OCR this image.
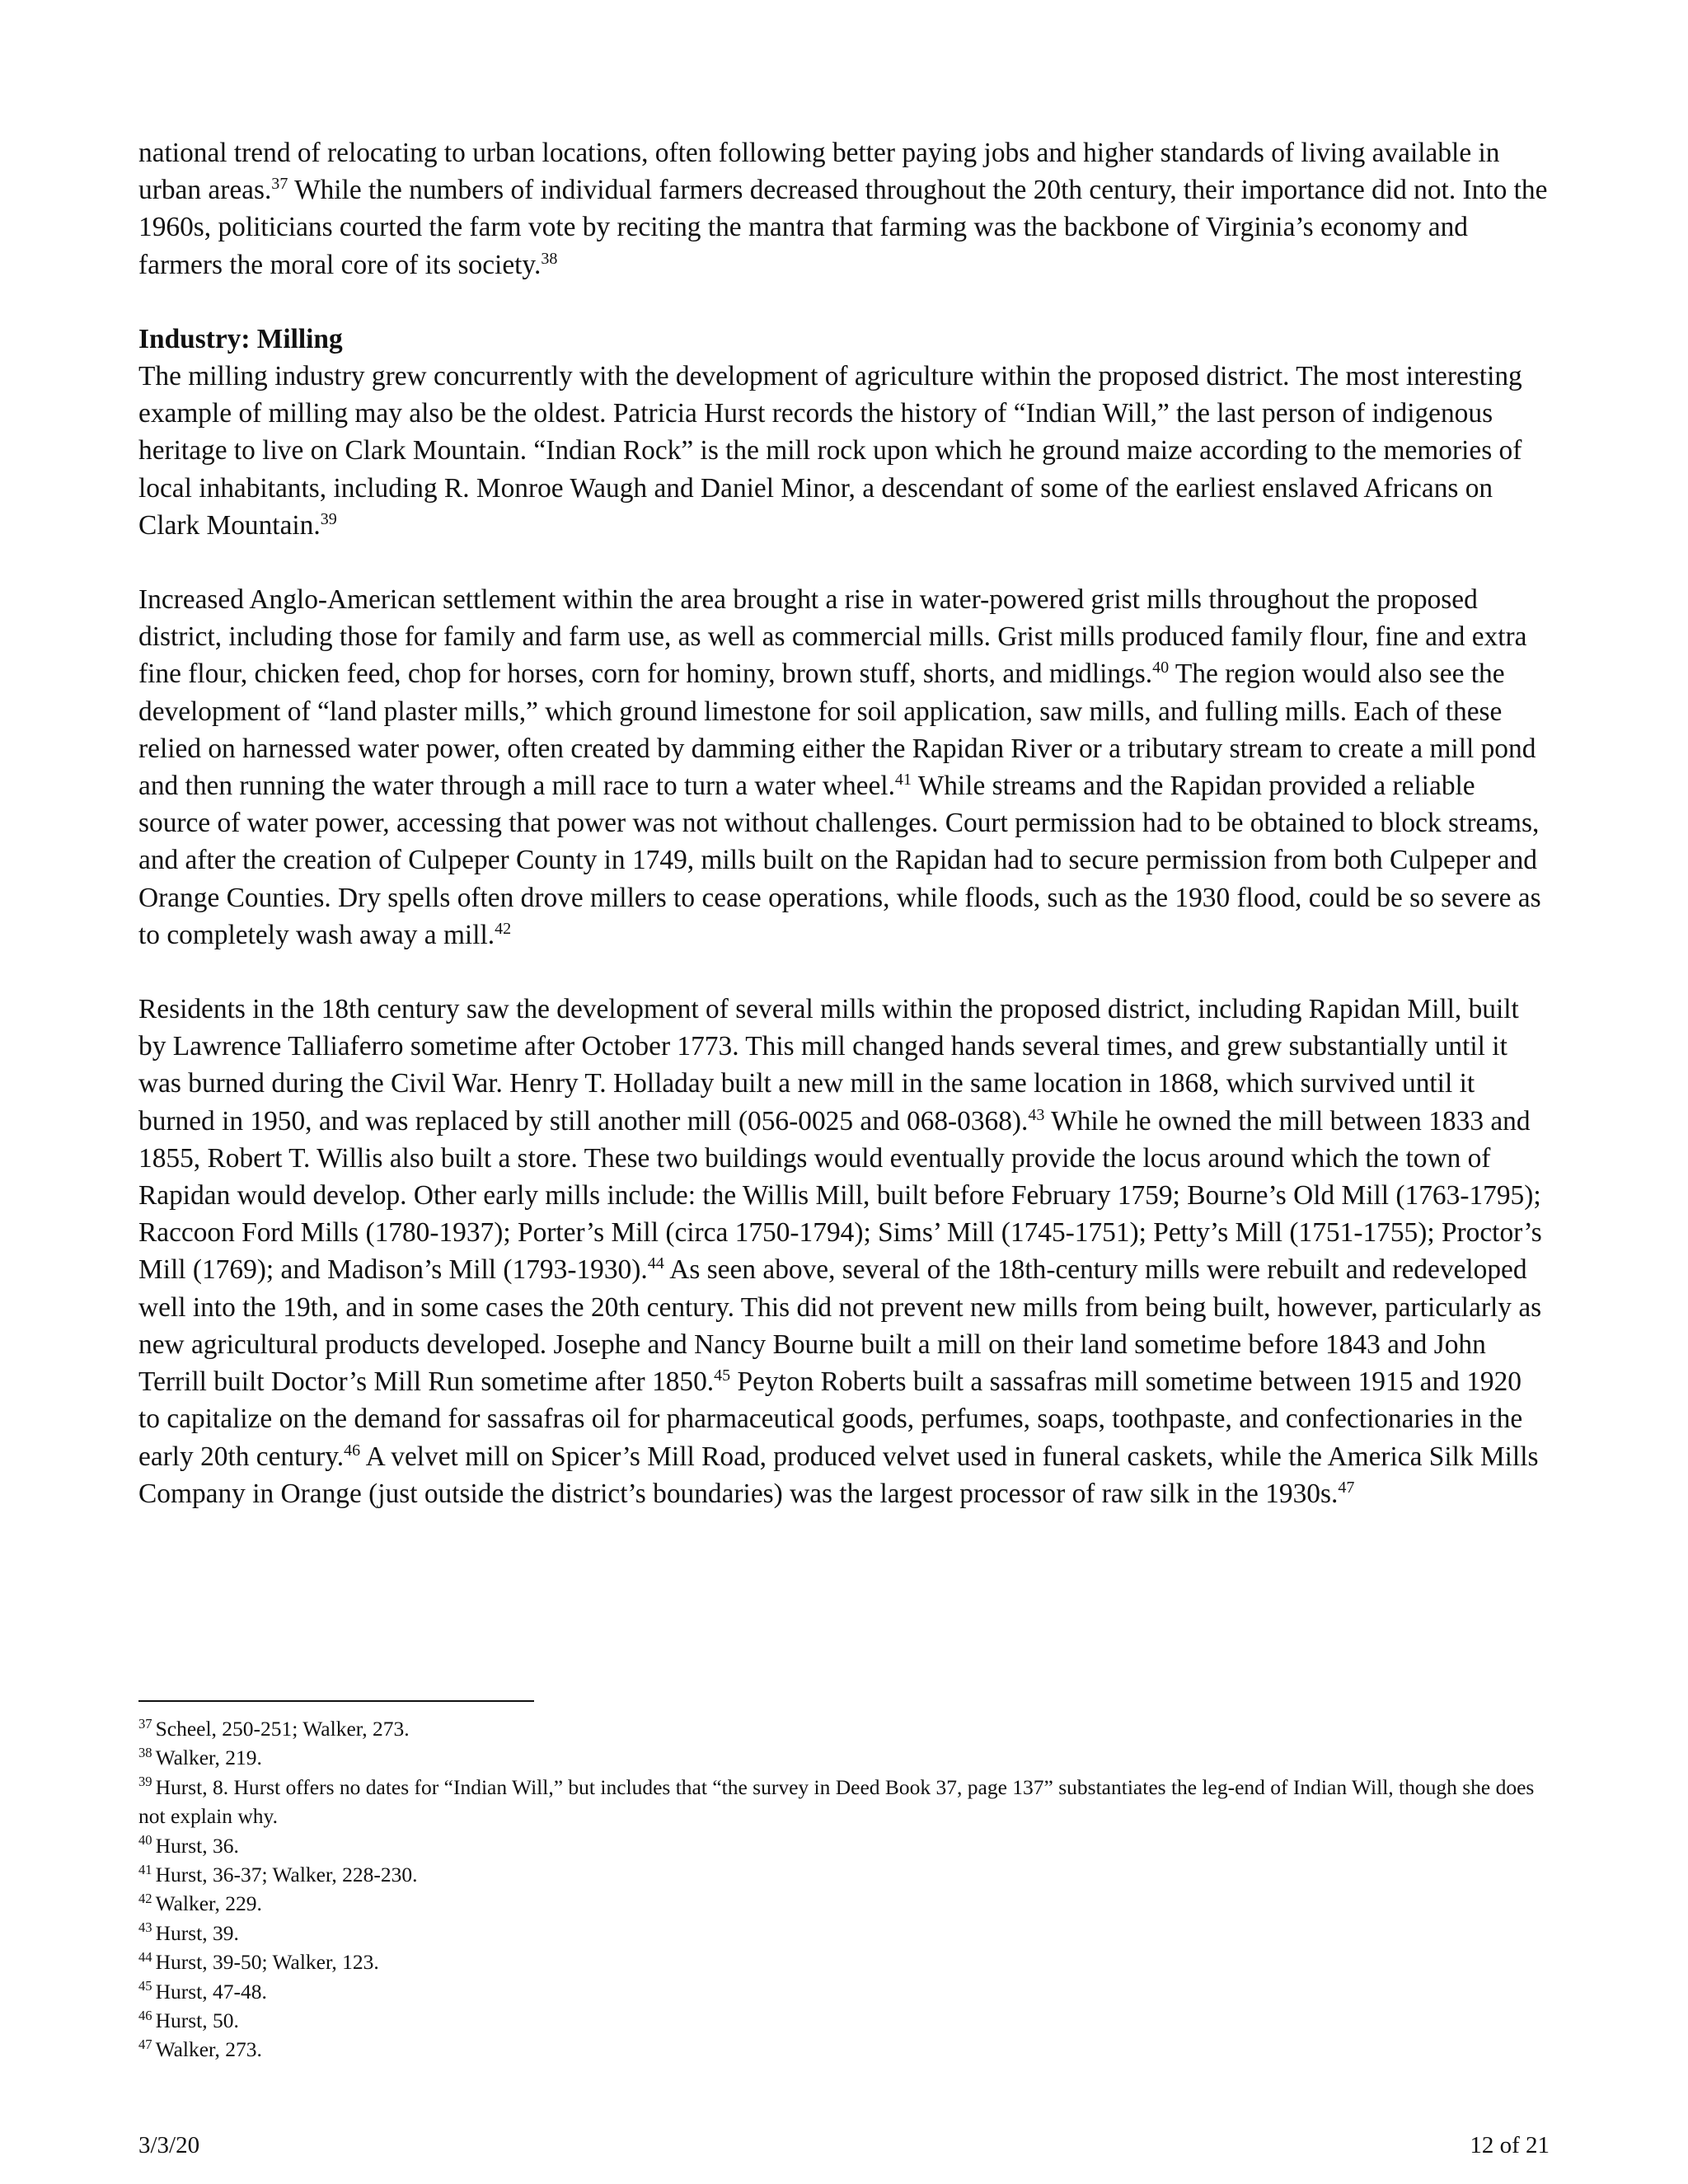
national trend of relocating to urban locations, often following better paying jobs and higher standards of living available in urban areas.$^{37}$ While the numbers of individual farmers decreased throughout the 20th century, their importance did not. Into the 1960s, politicians courted the farm vote by reciting the mantra that farming was the backbone of Virginia’s economy and farmers the moral core of its society.$^{38}$

Industry: Milling

The milling industry grew concurrently with the development of agriculture within the proposed district. The most interesting example of milling may also be the oldest. Patricia Hurst records the history of “Indian Will,” the last person of indigenous heritage to live on Clark Mountain. “Indian Rock” is the mill rock upon which he ground maize according to the memories of local inhabitants, including R. Monroe Waugh and Daniel Minor, a descendant of some of the earliest enslaved Africans on Clark Mountain.$^{39}$

Increased Anglo-American settlement within the area brought a rise in water-powered grist mills throughout the proposed district, including those for family and farm use, as well as commercial mills. Grist mills produced family flour, fine and extra fine flour, chicken feed, chop for horses, corn for hominy, brown stuff, shorts, and midlings.$^{40}$ The region would also see the development of “land plaster mills,” which ground limestone for soil application, saw mills, and fulling mills. Each of these relied on harnessed water power, often created by damming either the Rapidan River or a tributary stream to create a mill pond and then running the water through a mill race to turn a water wheel.$^{41}$ While streams and the Rapidan provided a reliable source of water power, accessing that power was not without challenges. Court permission had to be obtained to block streams, and after the creation of Culpeper County in 1749, mills built on the Rapidan had to secure permission from both Culpeper and Orange Counties. Dry spells often drove millers to cease operations, while floods, such as the 1930 flood, could be so severe as to completely wash away a mill.$^{42}$

Residents in the 18th century saw the development of several mills within the proposed district, including Rapidan Mill, built by Lawrence Talliaferro sometime after October 1773. This mill changed hands several times, and grew substantially until it was burned during the Civil War. Henry T. Holladay built a new mill in the same location in 1868, which survived until it burned in 1950, and was replaced by still another mill (056-0025 and 068-0368).$^{43}$ While he owned the mill between 1833 and 1855, Robert T. Willis also built a store. These two buildings would eventually provide the locus around which the town of Rapidan would develop. Other early mills include: the Willis Mill, built before February 1759; Bourne’s Old Mill (1763-1795); Raccoon Ford Mills (1780-1937); Porter’s Mill (circa 1750-1794); Sims’ Mill (1745-1751); Petty’s Mill (1751-1755); Proctor’s Mill (1769); and Madison’s Mill (1793-1930).$^{44}$ As seen above, several of the 18th-century mills were rebuilt and redeveloped well into the 19th, and in some cases the 20th century. This did not prevent new mills from being built, however, particularly as new agricultural products developed. Josephe and Nancy Bourne built a mill on their land sometime before 1843 and John Terrill built Doctor’s Mill Run sometime after 1850.45 Peyton Roberts built a sassafras mill sometime between 1915 and 1920 to capitalize on the demand for sassafras oil for pharmaceutical goods, perfumes, soaps, toothpaste, and confectionaries in the early 20th century.$^{46}$ A velvet mill on Spicer’s Mill Road, produced velvet used in funeral caskets, while the America Silk Mills Company in Orange (just outside the district’s boundaries) was the largest processor of raw silk in the 1930s.$^{47}$

$^{37}$ Scheel, 250-251; Walker, 273.

$^{38}$ Walker, 219.

$^{39}$ Hurst, 8. Hurst offers no dates for “Indian Will,” but includes that “the survey in Deed Book 37, page 137” substantiates the leg-end of Indian Will, though she does not explain why.

$^{40}$ Hurst, 36.

$^{41}$ Hurst, 36-37; Walker, 228-230.

$^{42}$ Walker, 229.

$^{43}$ Hurst, 39.

$^{44}$ Hurst, 39-50; Walker, 123.

$^{45}$ Hurst, 47-48.

$^{46}$ Hurst, 50.

$^{47}$ Walker, 273.

3/3/20	12 of 21
